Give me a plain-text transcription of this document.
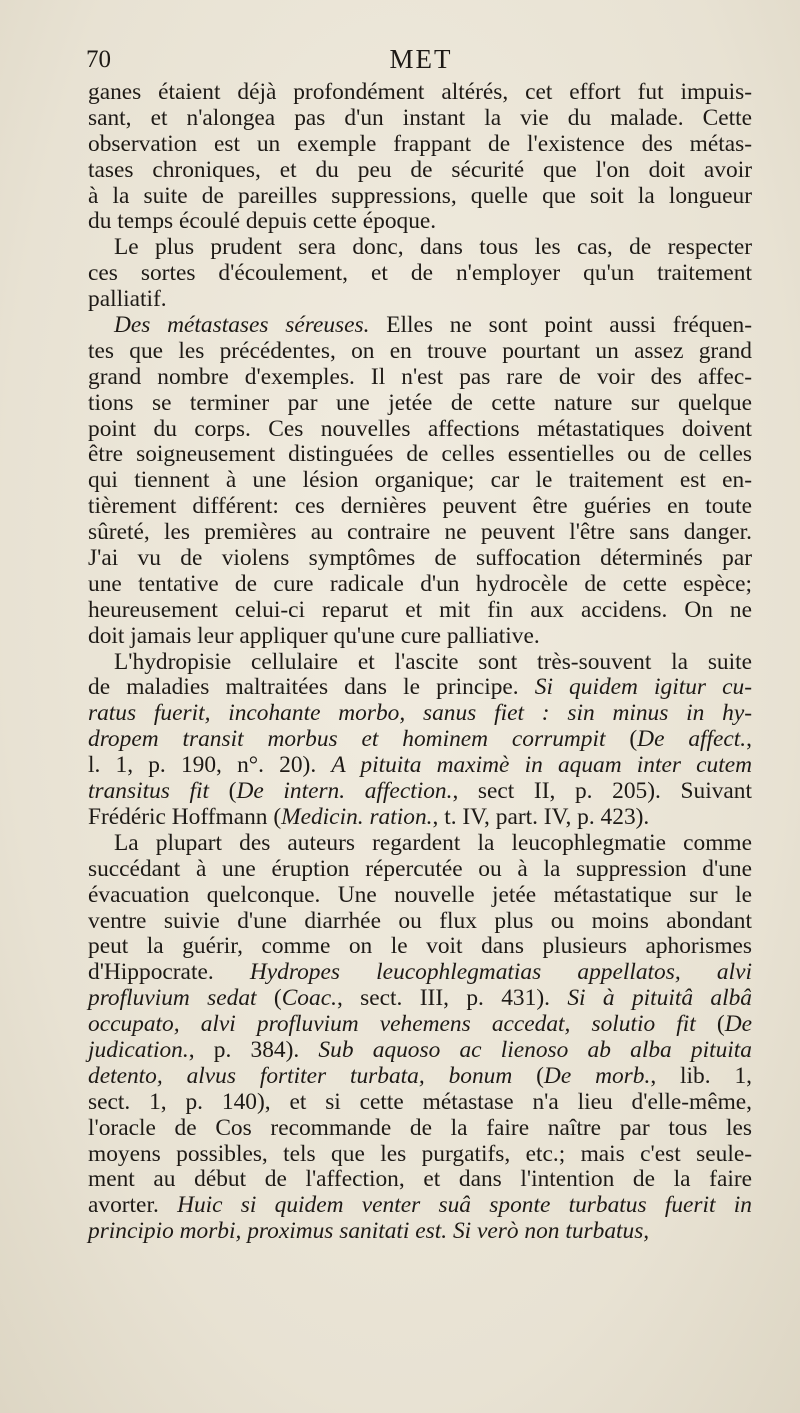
70	MET
ganes étaient déjà profondément altérés, cet effort fut impuis-
sant, et n'alongea pas d'un instant la vie du malade. Cette
observation est un exemple frappant de l'existence des métas-
tases chroniques, et du peu de sécurité que l'on doit avoir
à la suite de pareilles suppressions, quelle que soit la longueur
du temps écoulé depuis cette époque.
Le plus prudent sera donc, dans tous les cas, de respecter
ces sortes d'écoulement, et de n'employer qu'un traitement
palliatif.
Des métastases séreuses. Elles ne sont point aussi fréquen-
tes que les précédentes, on en trouve pourtant un assez grand
grand nombre d'exemples. Il n'est pas rare de voir des affec-
tions se terminer par une jetée de cette nature sur quelque
point du corps. Ces nouvelles affections métastatiques doivent
être soigneusement distinguées de celles essentielles ou de celles
qui tiennent à une lésion organique; car le traitement est en-
tièrement différent: ces dernières peuvent être guéries en toute
sûreté, les premières au contraire ne peuvent l'être sans danger.
J'ai vu de violens symptômes de suffocation déterminés par
une tentative de cure radicale d'un hydrocèle de cette espèce;
heureusement celui-ci reparut et mit fin aux accidens. On ne
doit jamais leur appliquer qu'une cure palliative.
L'hydropisie cellulaire et l'ascite sont très-souvent la suite
de maladies maltraitées dans le principe. Si quidem igitur cu-
ratus fuerit, incohante morbo, sanus fiet : sin minus in hy-
dropem transit morbus et hominem corrumpit (De affect.,
l. 1, p. 190, n°. 20). A pituita maximè in aquam inter cutem
transitus fit (De intern. affection., sect II, p. 205). Suivant
Frédéric Hoffmann (Medicin. ration., t. IV, part. IV, p. 423).
La plupart des auteurs regardent la leucophlegmatie comme
succédant à une éruption répercutée ou à la suppression d'une
évacuation quelconque. Une nouvelle jetée métastatique sur le
ventre suivie d'une diarrhée ou flux plus ou moins abondant
peut la guérir, comme on le voit dans plusieurs aphorismes
d'Hippocrate. Hydropes leucophlegmatias appellatos, alvi
profluvium sedat (Coac., sect. III, p. 431). Si à pituitâ albâ
occupato, alvi profluvium vehemens accedat, solutio fit (De
judication., p. 384). Sub aquoso ac lienoso ab alba pituita
detento, alvus fortiter turbata, bonum (De morb., lib. 1,
sect. 1, p. 140), et si cette métastase n'a lieu d'elle-même,
l'oracle de Cos recommande de la faire naître par tous les
moyens possibles, tels que les purgatifs, etc.; mais c'est seule-
ment au début de l'affection, et dans l'intention de la faire
avorter. Huic si quidem venter suâ sponte turbatus fuerit in
principio morbi, proximus sanitati est. Si verò non turbatus,
